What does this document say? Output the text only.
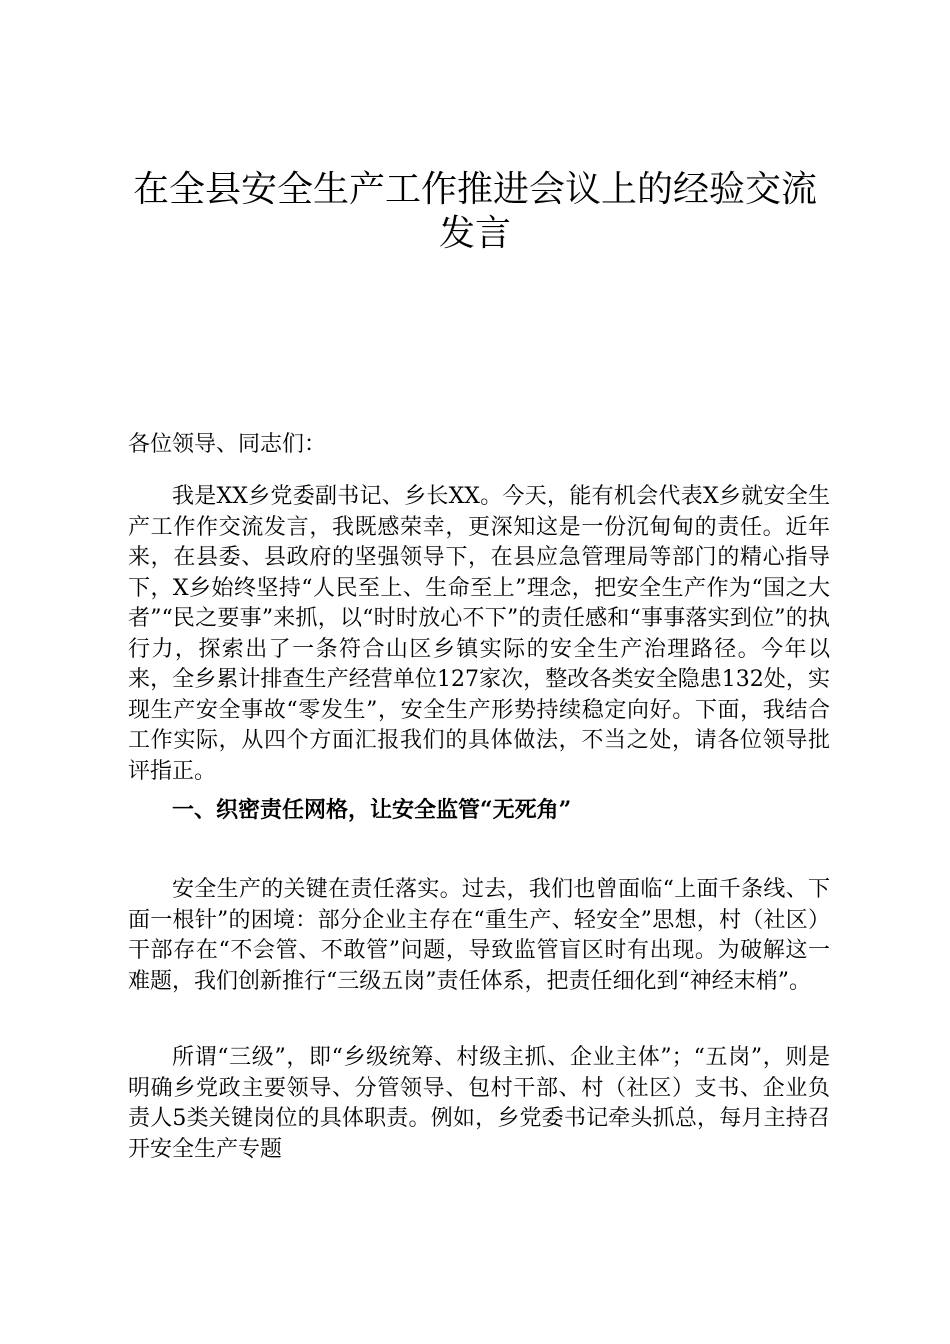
在全县安全生产工作推进会议上的经验交流发言

各位领导、同志们：

我是XX乡党委副书记、乡长XX。今天，能有机会代表X乡就安全生产工作作交流发言，我既感荣幸，更深知这是一份沉甸甸的责任。近年来，在县委、县政府的坚强领导下，在县应急管理局等部门的精心指导下，X乡始终坚持“人民至上、生命至上”理念，把安全生产作为“国之大者”“民之要事”来抓，以“时时放心不下”的责任感和“事事落实到位”的执行力，探索出了一条符合山区乡镇实际的安全生产治理路径。今年以来，全乡累计排查生产经营单位127家次，整改各类安全隐患132处，实现生产安全事故“零发生”，安全生产形势持续稳定向好。下面，我结合工作实际，从四个方面汇报我们的具体做法，不当之处，请各位领导批评指正。

一、织密责任网格，让安全监管“无死角”

安全生产的关键在责任落实。过去，我们也曾面临“上面千条线、下面一根针”的困境：部分企业主存在“重生产、轻安全”思想，村（社区）干部存在“不会管、不敢管”问题，导致监管盲区时有出现。为破解这一难题，我们创新推行“三级五岗”责任体系，把责任细化到“神经末梢”。

所谓“三级”，即“乡级统筹、村级主抓、企业主体”；“五岗”，则是明确乡党政主要领导、分管领导、包村干部、村（社区）支书、企业负责人5类关键岗位的具体职责。例如，乡党委书记牵头抓总，每月主持召开安全生产专题
